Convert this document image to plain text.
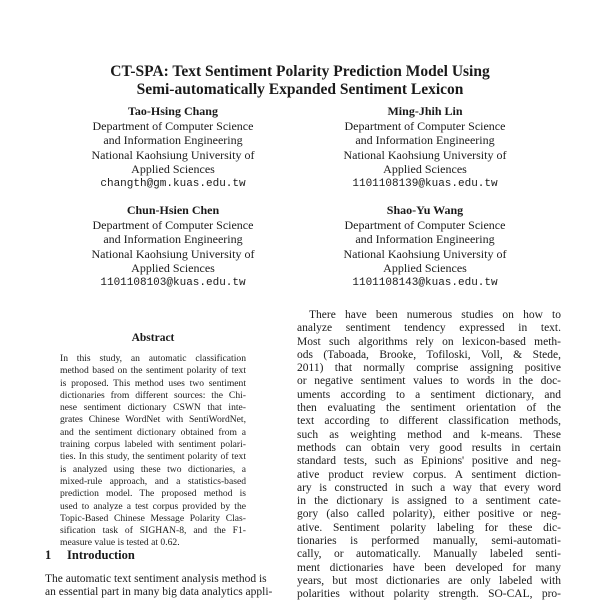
CT-SPA: Text Sentiment Polarity Prediction Model Using
Semi-automatically Expanded Sentiment Lexicon
Tao-Hsing Chang
Department of Computer Science
and Information Engineering
National Kaohsiung University of
Applied Sciences
changth@gm.kuas.edu.tw
Ming-Jhih Lin
Department of Computer Science
and Information Engineering
National Kaohsiung University of
Applied Sciences
1101108139@kuas.edu.tw
Chun-Hsien Chen
Department of Computer Science
and Information Engineering
National Kaohsiung University of
Applied Sciences
1101108103@kuas.edu.tw
Shao-Yu Wang
Department of Computer Science
and Information Engineering
National Kaohsiung University of
Applied Sciences
1101108143@kuas.edu.tw
Abstract
In this study, an automatic classification
method based on the sentiment polarity of text
is proposed. This method uses two sentiment
dictionaries from different sources: the Chi-
nese sentiment dictionary CSWN that inte-
grates Chinese WordNet with SentiWordNet,
and the sentiment dictionary obtained from a
training corpus labeled with sentiment polari-
ties. In this study, the sentiment polarity of text
is analyzed using these two dictionaries, a
mixed-rule approach, and a statistics-based
prediction model. The proposed method is
used to analyze a test corpus provided by the
Topic-Based Chinese Message Polarity Clas-
sification task of SIGHAN-8, and the F1-
measure value is tested at 0.62.
1 Introduction
The automatic text sentiment analysis method is
an essential part in many big data analytics appli-
There have been numerous studies on how to
analyze sentiment tendency expressed in text.
Most such algorithms rely on lexicon-based meth-
ods (Taboada, Brooke, Tofiloski, Voll, & Stede,
2011) that normally comprise assigning positive
or negative sentiment values to words in the doc-
uments according to a sentiment dictionary, and
then evaluating the sentiment orientation of the
text according to different classification methods,
such as weighting method and k-means. These
methods can obtain very good results in certain
standard tests, such as Epinions' positive and neg-
ative product review corpus. A sentiment diction-
ary is constructed in such a way that every word
in the dictionary is assigned to a sentiment cate-
gory (also called polarity), either positive or neg-
ative. Sentiment polarity labeling for these dic-
tionaries is performed manually, semi-automati-
cally, or automatically. Manually labeled senti-
ment dictionaries have been developed for many
years, but most dictionaries are only labeled with
polarities without polarity strength. SO-CAL, pro-
